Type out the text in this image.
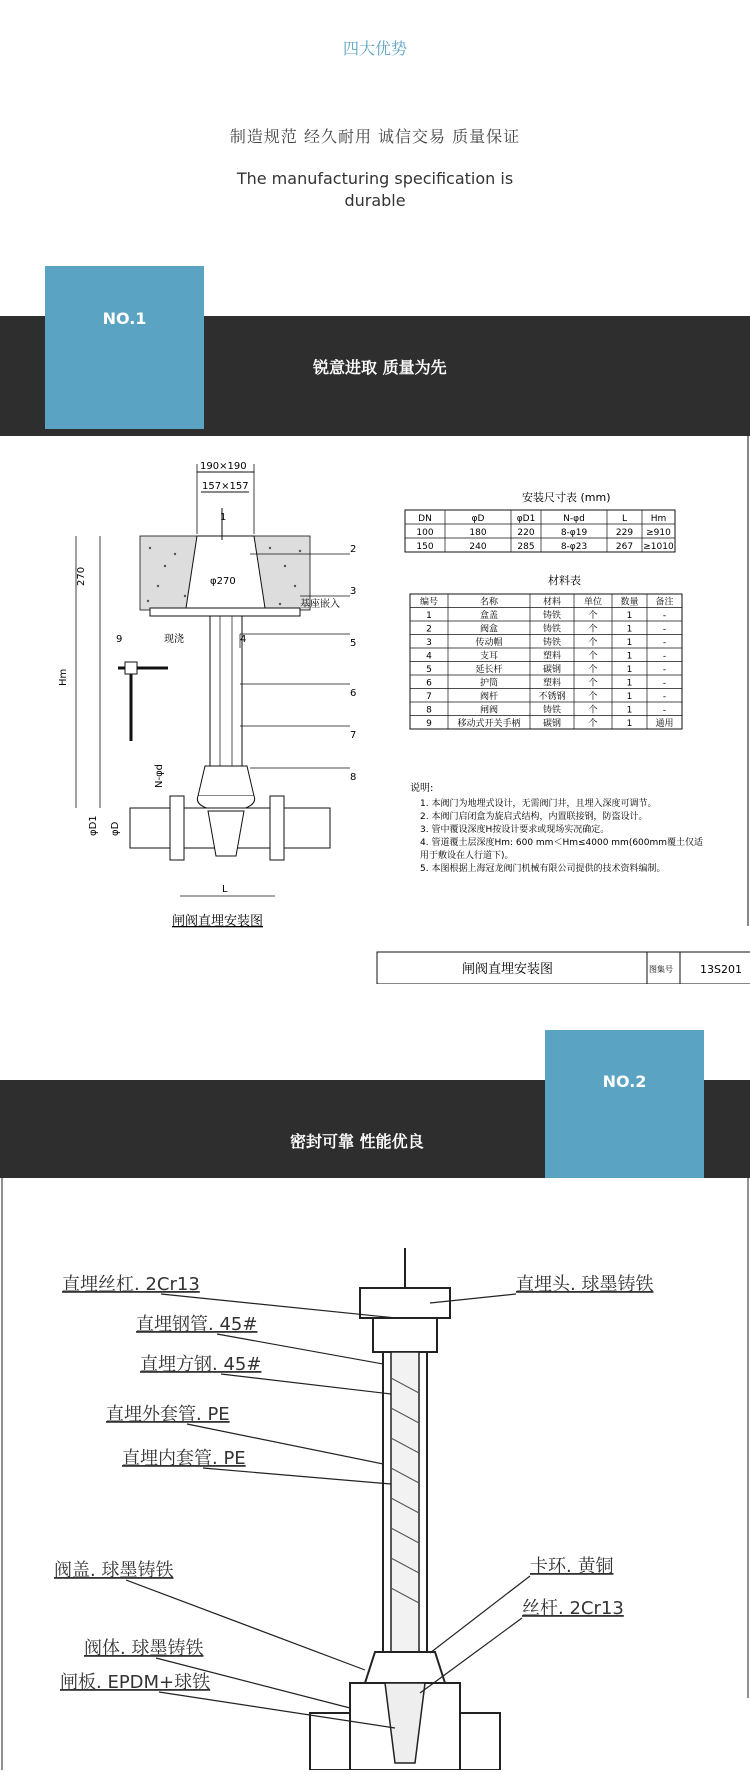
四大优势
制造规范 经久耐用 诚信交易 质量保证
The manufacturing specification is
durable
NO.1
锐意进取 质量为先
190×190
157×157
1
φ270
基座嵌入
现浇
270
Hm
φD1 φD
N-φd
L
2
3
4	5
6
7
8
9
闸阀直埋安装图
安装尺寸表 (mm)
DN	φD	φD1	N-φd	L	Hm
100	180	220	8-φ19	229 ≥910
150	240	285	8-φ23	267 ≥1010
材料表
编号	名称	材料	单位 数量 备注
1	盒盖	铸铁	个	1	-
2	阀盒	铸铁	个	1	-
3	传动帽	铸铁	个	1	-
4	支耳	塑料	个	1	-
5	延长杆	碳钢	个	1	-
6	护筒	塑料	个	1	-
7	阀杆	不锈钢	个	1	-
8	闸阀	铸铁	个	1	-
9	移动式开关手柄 碳钢	个	1	通用
说明:
1. 本阀门为地埋式设计，无需阀门井，且埋入深度可调节。
2. 本阀门启闭盒为旋启式结构，内置联接钢，防盗设计。
3. 管中覆设深度H按设计要求或现场实况确定。
4. 管道覆土层深度Hm: 600 mm＜Hm≤4000 mm(600mm覆土仅适
用于敷设在人行道下)。
5. 本图根据上海冠龙阀门机械有限公司提供的技术资料编制。
闸阀直埋安装图	图集号 13S201
NO.2
密封可靠 性能优良
直埋丝杠. 2Cr13
直埋钢管. 45#
直埋方钢. 45#
直埋外套管. PE
直埋内套管. PE
阀盖. 球墨铸铁
阀体. 球墨铸铁
闸板. EPDM+球铁
直埋头. 球墨铸铁
卡环. 黄铜
丝杆. 2Cr13
